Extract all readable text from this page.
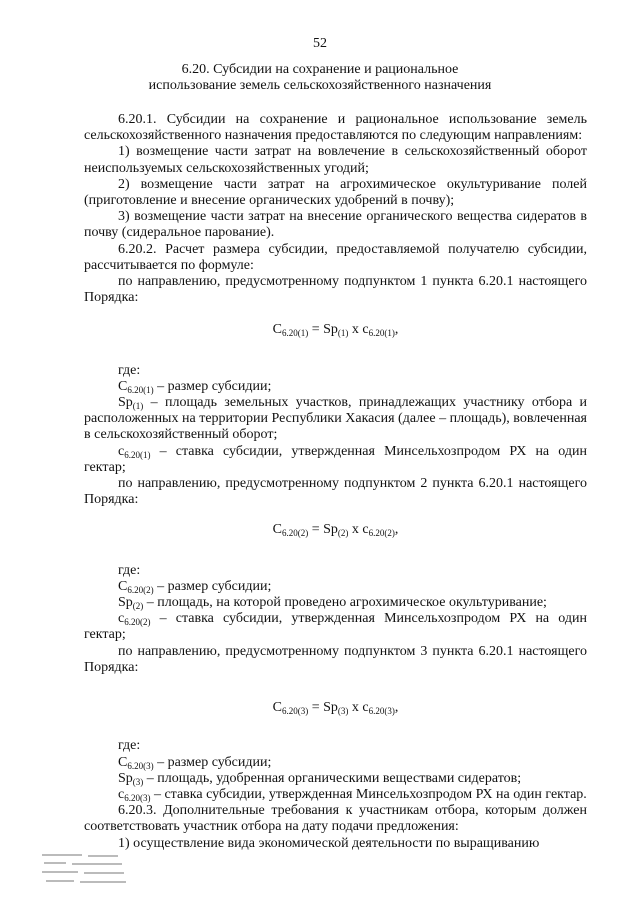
52
6.20. Субсидии на сохранение и рациональное
использование земель сельскохозяйственного назначения

6.20.1. Субсидии на сохранение и рациональное использование земель сельскохозяйственного назначения предоставляются по следующим направлениям:

1) возмещение части затрат на вовлечение в сельскохозяйственный оборот неиспользуемых сельскохозяйственных угодий;

2) возмещение части затрат на агрохимическое окультуривание полей (приготовление и внесение органических удобрений в почву);

3) возмещение части затрат на внесение органического вещества сидератов в почву (сидеральное парование).

6.20.2. Расчет размера субсидии, предоставляемой получателю субсидии, рассчитывается по формуле:

по направлению, предусмотренному подпунктом 1 пункта 6.20.1 настоящего Порядка:

$C_{6.20(1)} = Sp_{(1)}$ x $c_{6.20(1)}$,

где:

$C_{6.20(1)}$ – размер субсидии;

$Sp_{(1)}$ – площадь земельных участков, принадлежащих участнику отбора и расположенных на территории Республики Хакасия (далее – площадь), вовлеченная в сельскохозяйственный оборот;

$c_{6.20(1)}$ – ставка субсидии, утвержденная Минсельхозпродом РХ на один гектар;

по направлению, предусмотренному подпунктом 2 пункта 6.20.1 настоящего Порядка:

$C_{6.20(2)} = Sp_{(2)}$ x $c_{6.20(2)}$,

где:

$C_{6.20(2)}$ – размер субсидии;

$Sp_{(2)}$ – площадь, на которой проведено агрохимическое окультуривание;

$c_{6.20(2)}$ – ставка субсидии, утвержденная Минсельхозпродом РХ на один гектар;

по направлению, предусмотренному подпунктом 3 пункта 6.20.1 настоящего Порядка:

$C_{6.20(3)} = Sp_{(3)}$ x $c_{6.20(3)}$,

где:

$C_{6.20(3)}$ – размер субсидии;

$Sp_{(3)}$ – площадь, удобренная органическими веществами сидератов;

$c_{6.20(3)}$ – ставка субсидии, утвержденная Минсельхозпродом РХ на один гектар.

6.20.3. Дополнительные требования к участникам отбора, которым должен соответствовать участник отбора на дату подачи предложения:

1) осуществление вида экономической деятельности по выращиванию
